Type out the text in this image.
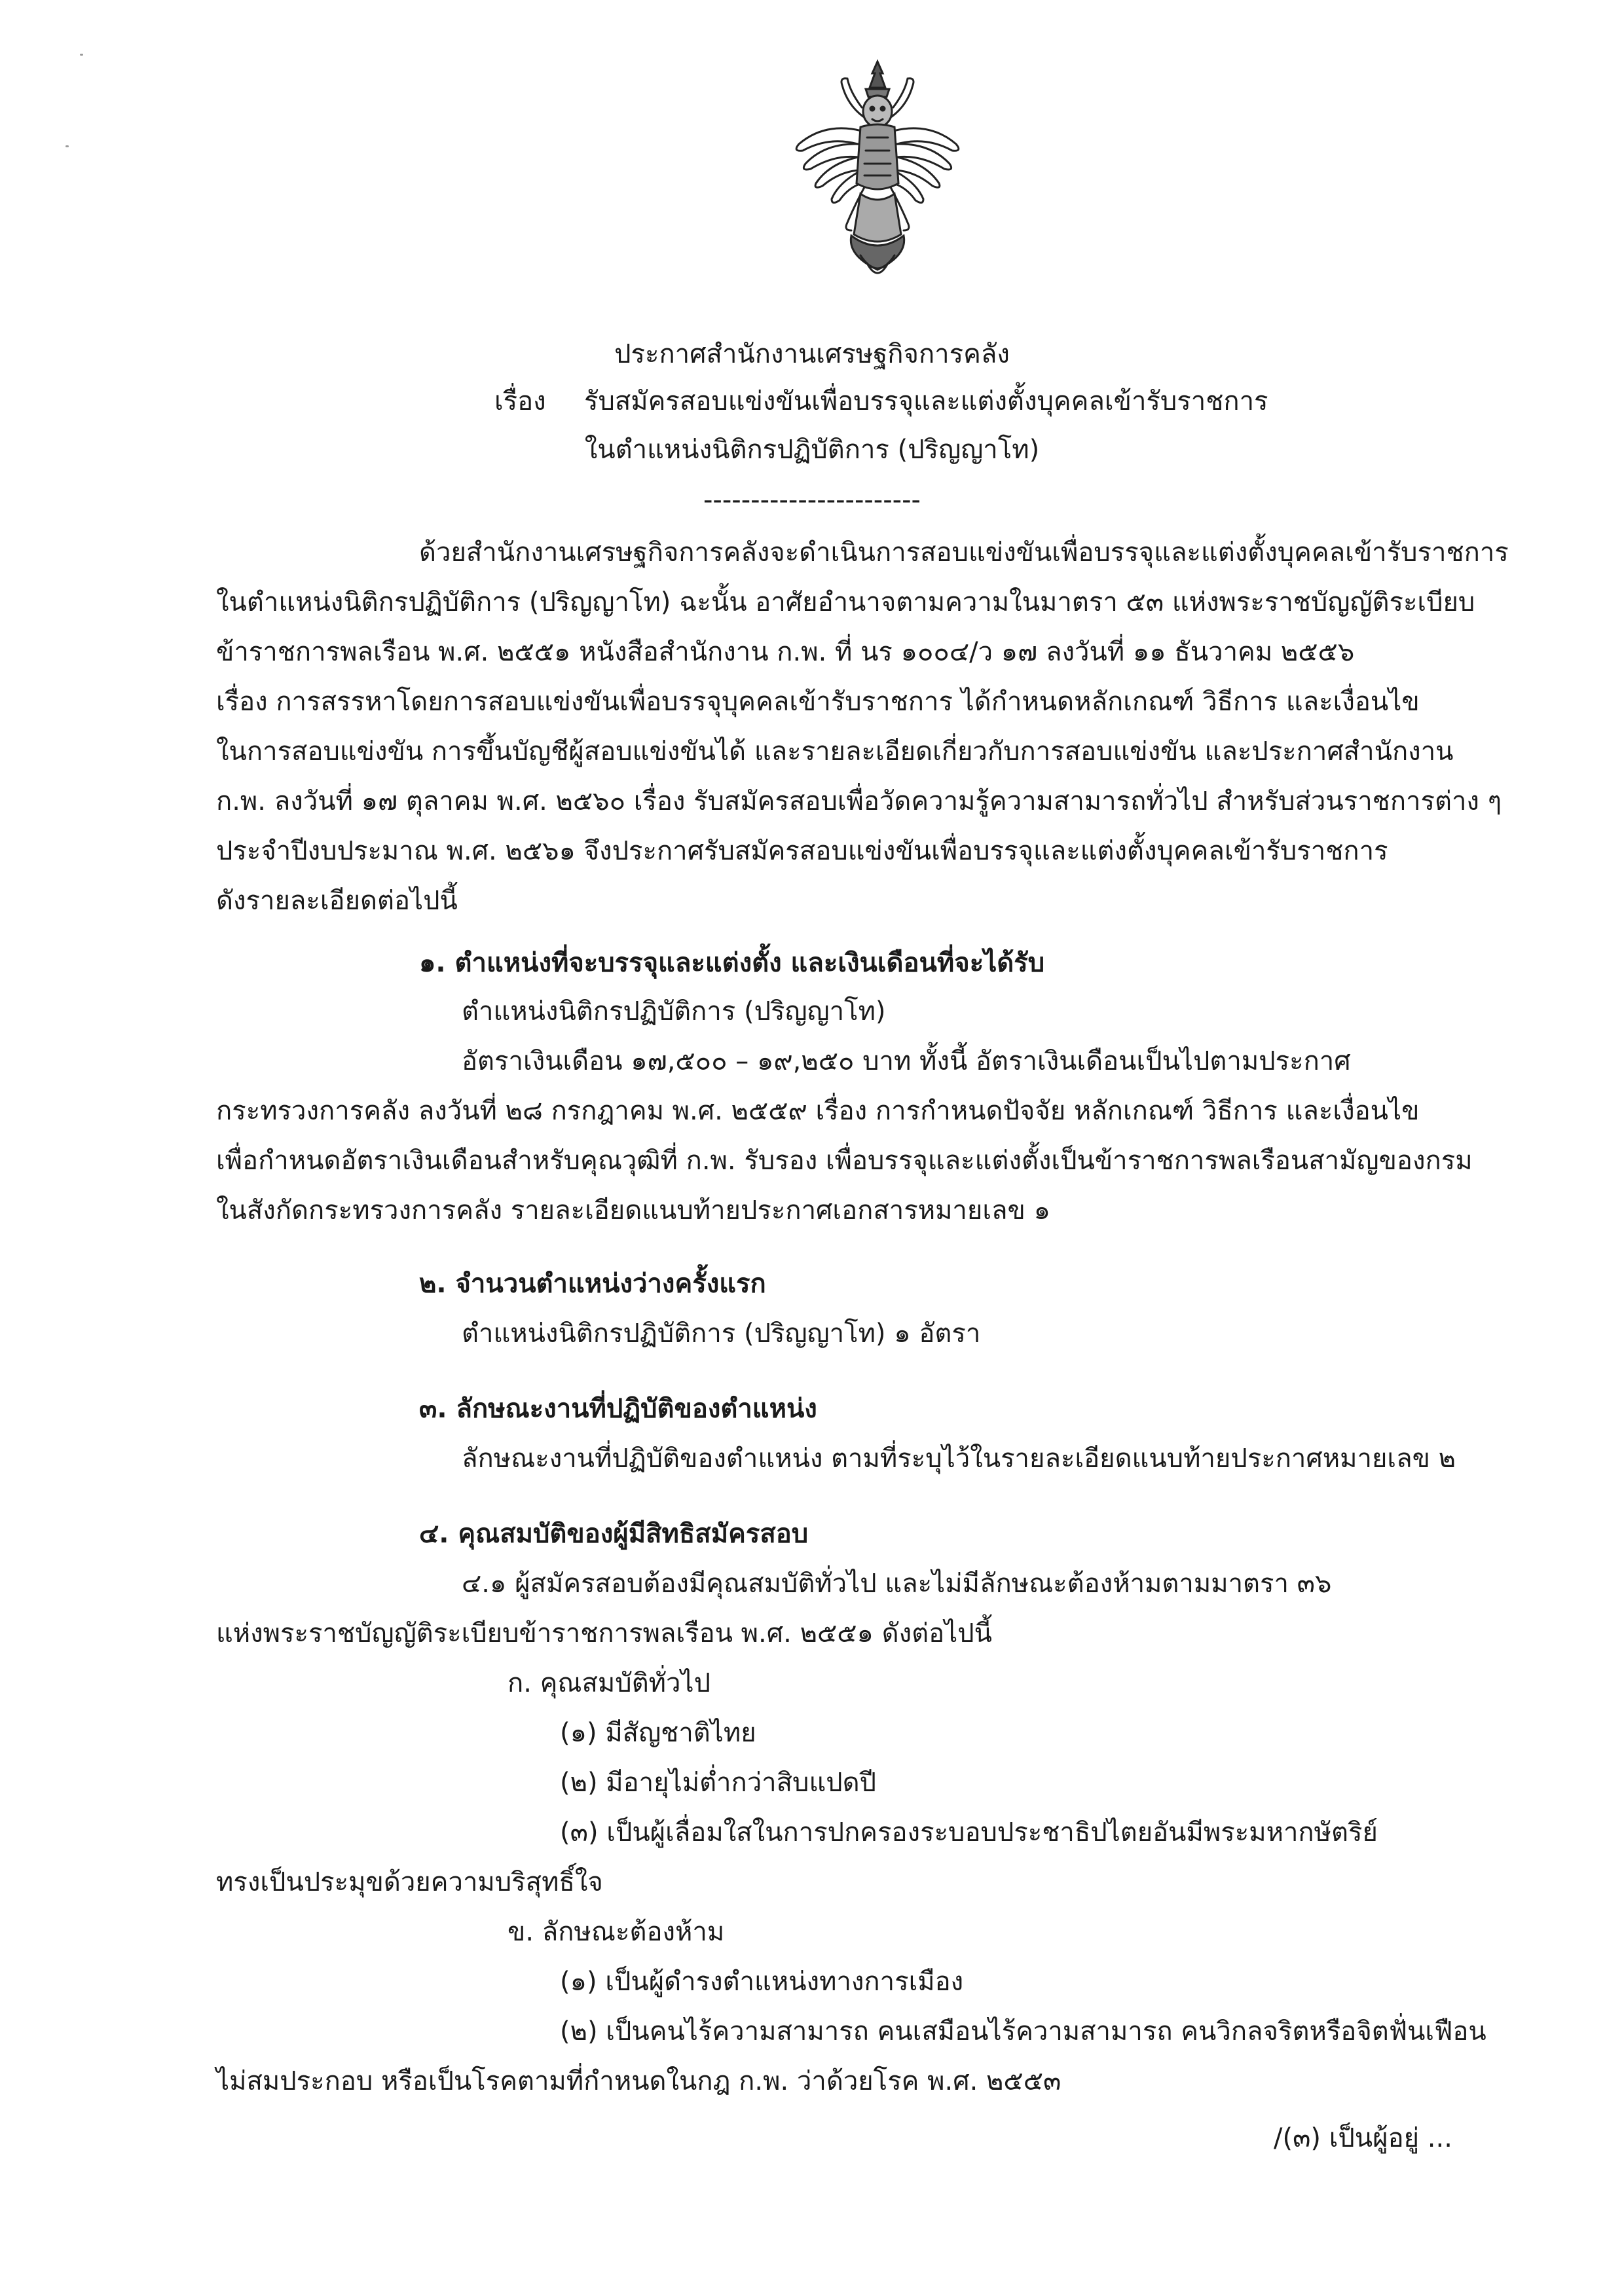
ประกาศสำนักงานเศรษฐกิจการคลัง
เรื่อง รับสมัครสอบแข่งขันเพื่อบรรจุและแต่งตั้งบุคคลเข้ารับราชการ
ในตำแหน่งนิติกรปฏิบัติการ (ปริญญาโท)
-----------------------
ด้วยสำนักงานเศรษฐกิจการคลังจะดำเนินการสอบแข่งขันเพื่อบรรจุและแต่งตั้งบุคคลเข้ารับราชการ
ในตำแหน่งนิติกรปฏิบัติการ (ปริญญาโท) ฉะนั้น อาศัยอำนาจตามความในมาตรา ๕๓ แห่งพระราชบัญญัติระเบียบ
ข้าราชการพลเรือน พ.ศ. ๒๕๕๑ หนังสือสำนักงาน ก.พ. ที่ นร ๑๐๐๔/ว ๑๗ ลงวันที่ ๑๑ ธันวาคม ๒๕๕๖
เรื่อง การสรรหาโดยการสอบแข่งขันเพื่อบรรจุบุคคลเข้ารับราชการ ได้กำหนดหลักเกณฑ์ วิธีการ และเงื่อนไข
ในการสอบแข่งขัน การขึ้นบัญชีผู้สอบแข่งขันได้ และรายละเอียดเกี่ยวกับการสอบแข่งขัน และประกาศสำนักงาน
ก.พ. ลงวันที่ ๑๗ ตุลาคม พ.ศ. ๒๕๖๐ เรื่อง รับสมัครสอบเพื่อวัดความรู้ความสามารถทั่วไป สำหรับส่วนราชการต่าง ๆ
ประจำปีงบประมาณ พ.ศ. ๒๕๖๑ จึงประกาศรับสมัครสอบแข่งขันเพื่อบรรจุและแต่งตั้งบุคคลเข้ารับราชการ
ดังรายละเอียดต่อไปนี้
๑. ตำแหน่งที่จะบรรจุและแต่งตั้ง และเงินเดือนที่จะได้รับ
ตำแหน่งนิติกรปฏิบัติการ (ปริญญาโท)
อัตราเงินเดือน ๑๗,๕๐๐ – ๑๙,๒๕๐ บาท ทั้งนี้ อัตราเงินเดือนเป็นไปตามประกาศ
กระทรวงการคลัง ลงวันที่ ๒๘ กรกฎาคม พ.ศ. ๒๕๕๙ เรื่อง การกำหนดปัจจัย หลักเกณฑ์ วิธีการ และเงื่อนไข
เพื่อกำหนดอัตราเงินเดือนสำหรับคุณวุฒิที่ ก.พ. รับรอง เพื่อบรรจุและแต่งตั้งเป็นข้าราชการพลเรือนสามัญของกรม
ในสังกัดกระทรวงการคลัง รายละเอียดแนบท้ายประกาศเอกสารหมายเลข ๑
๒. จำนวนตำแหน่งว่างครั้งแรก
ตำแหน่งนิติกรปฏิบัติการ (ปริญญาโท) ๑ อัตรา
๓. ลักษณะงานที่ปฏิบัติของตำแหน่ง
ลักษณะงานที่ปฏิบัติของตำแหน่ง ตามที่ระบุไว้ในรายละเอียดแนบท้ายประกาศหมายเลข ๒
๔. คุณสมบัติของผู้มีสิทธิสมัครสอบ
๔.๑ ผู้สมัครสอบต้องมีคุณสมบัติทั่วไป และไม่มีลักษณะต้องห้ามตามมาตรา ๓๖
แห่งพระราชบัญญัติระเบียบข้าราชการพลเรือน พ.ศ. ๒๕๕๑ ดังต่อไปนี้
ก. คุณสมบัติทั่วไป
(๑) มีสัญชาติไทย
(๒) มีอายุไม่ต่ำกว่าสิบแปดปี
(๓) เป็นผู้เลื่อมใสในการปกครองระบอบประชาธิปไตยอันมีพระมหากษัตริย์
ทรงเป็นประมุขด้วยความบริสุทธิ์ใจ
ข. ลักษณะต้องห้าม
(๑) เป็นผู้ดำรงตำแหน่งทางการเมือง
(๒) เป็นคนไร้ความสามารถ คนเสมือนไร้ความสามารถ คนวิกลจริตหรือจิตฟั่นเฟือน
ไม่สมประกอบ หรือเป็นโรคตามที่กำหนดในกฎ ก.พ. ว่าด้วยโรค พ.ศ. ๒๕๕๓
/(๓) เป็นผู้อยู่ ...
